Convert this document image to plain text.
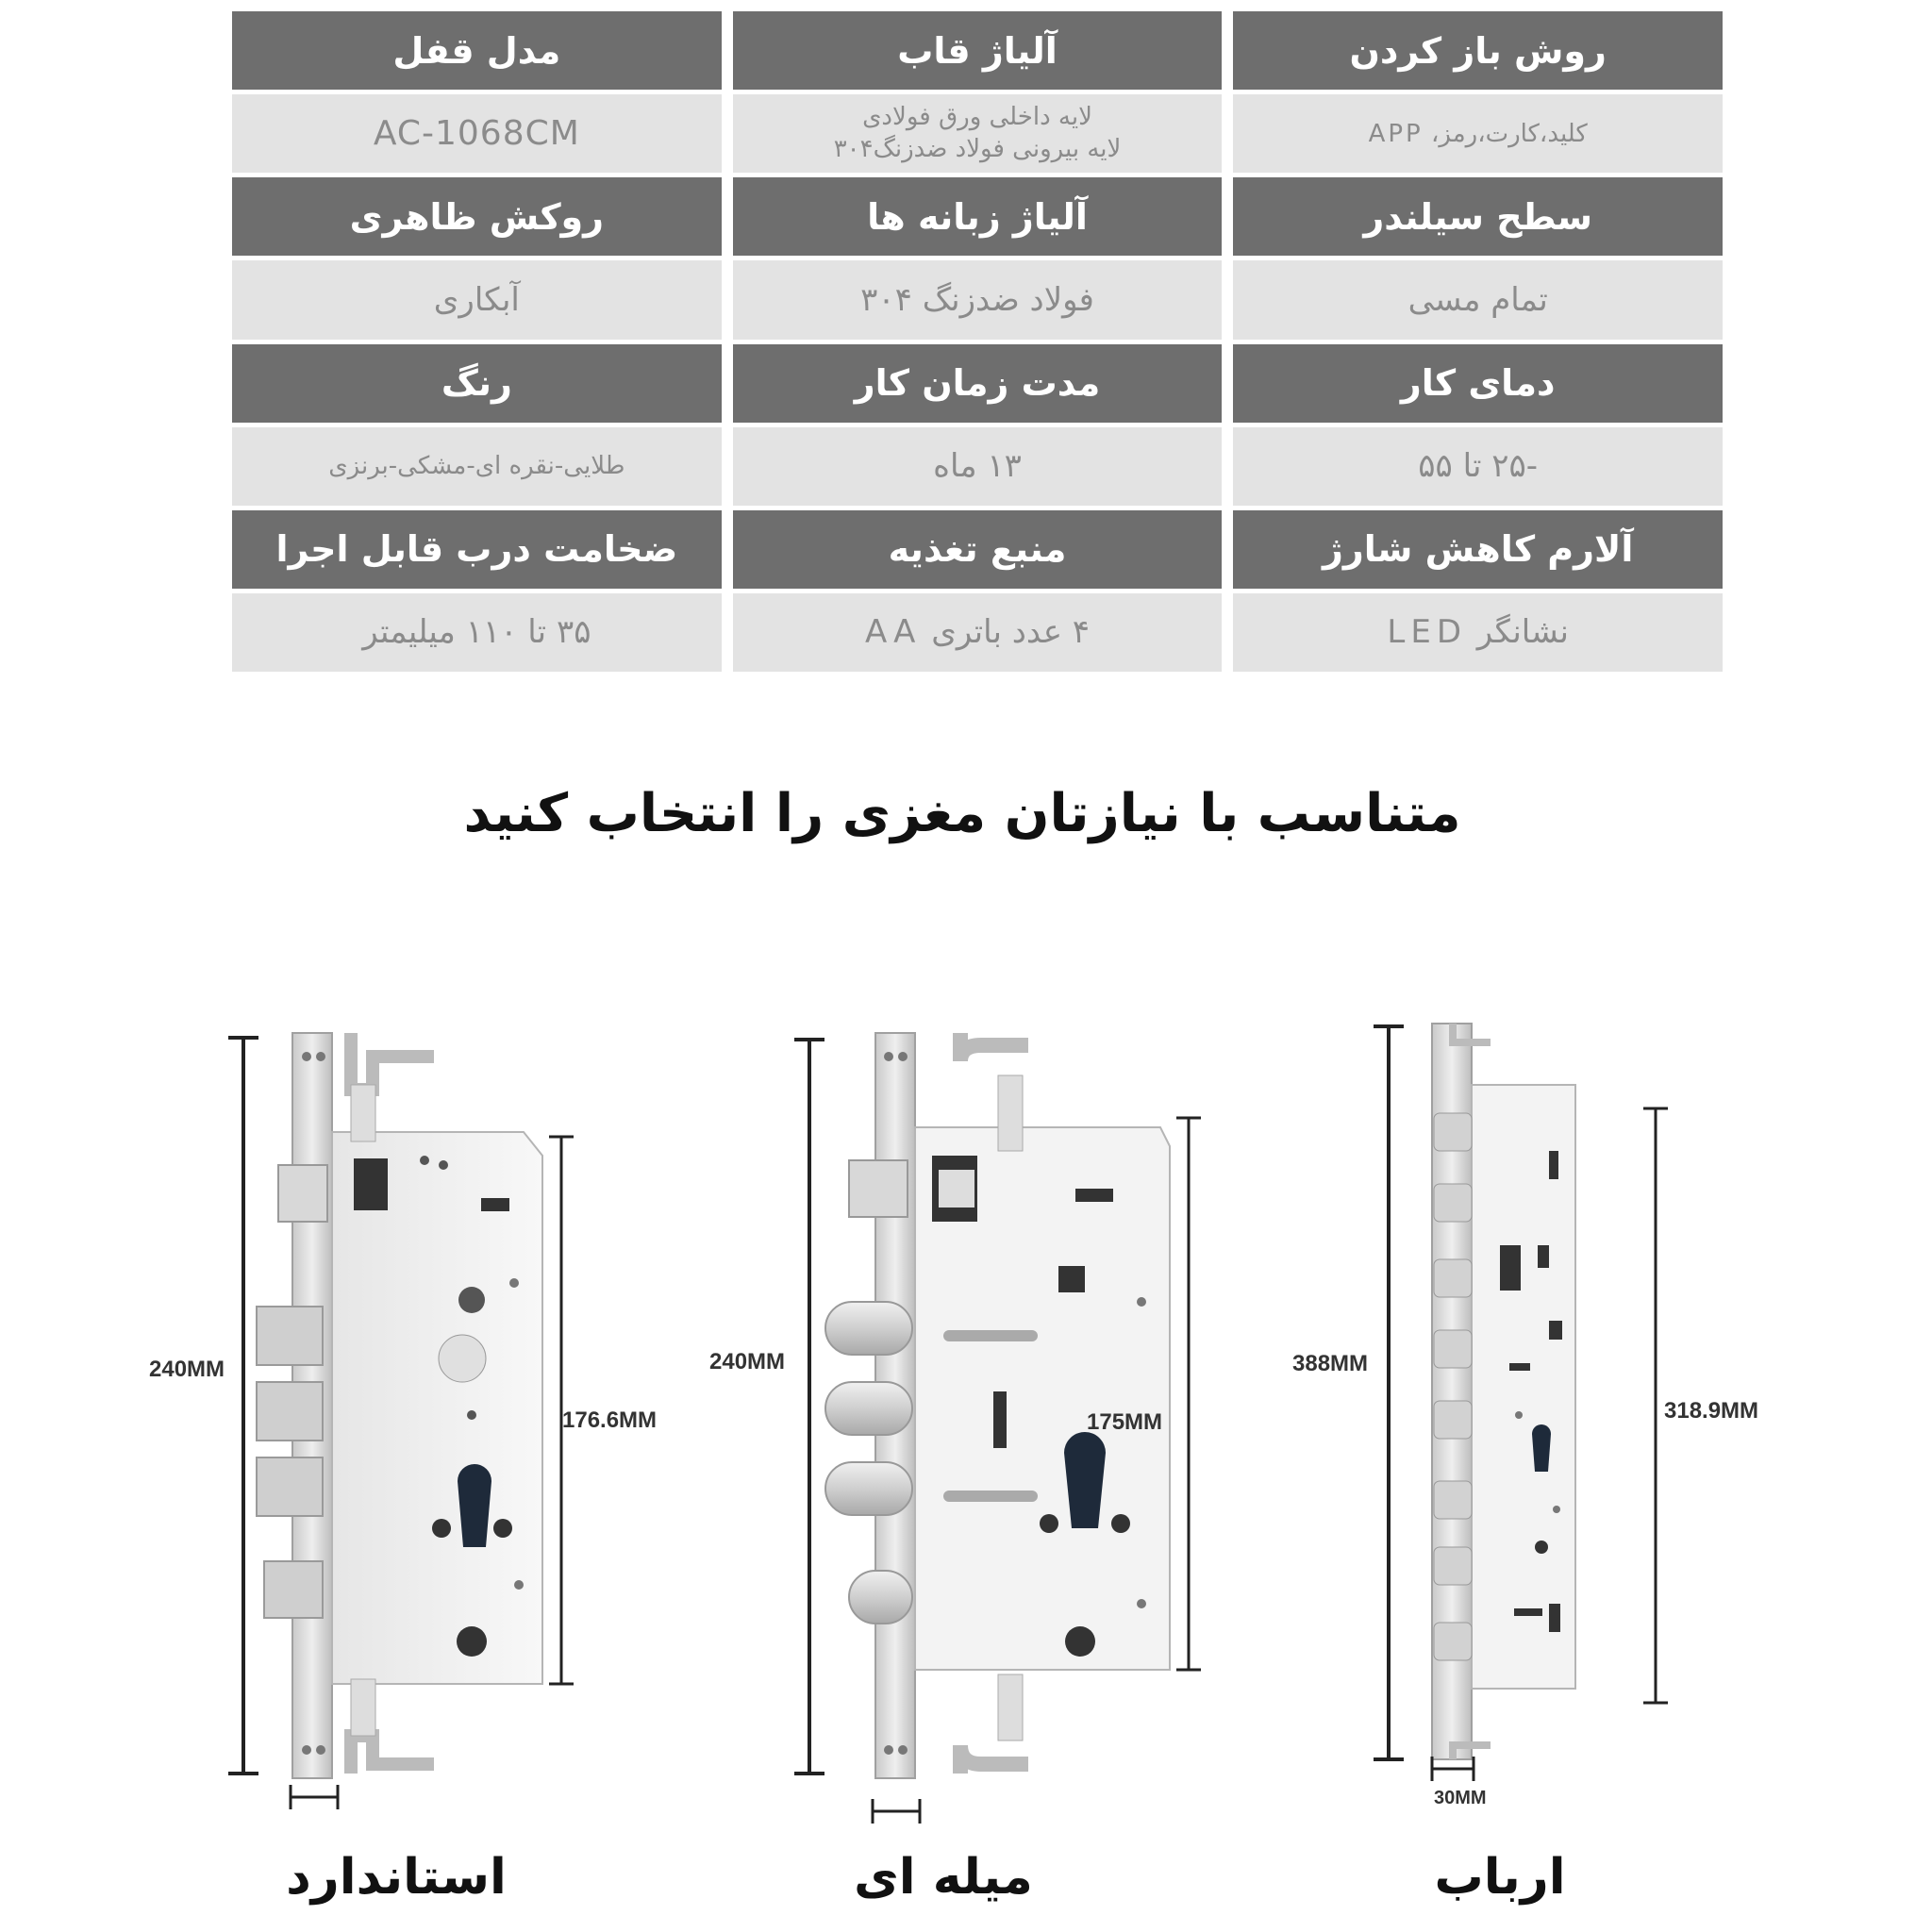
روش باز کردن
آلیاژ قاب
مدل قفل
کلید،کارت،رمز، APP
لایه داخلی ورق فولادی
لایه بیرونی فولاد ضدزنگ۳۰۴
AC-1068CM
سطح سیلندر
آلیاژ زبانه ها
روکش ظاهری
تمام مسی
فولاد ضدزنگ ۳۰۴
آبکاری
دمای کار
مدت زمان کار
رنگ
-۲۵ تا ۵۵
۱۳ ماه
طلایی-نقره ای-مشکی-برنزی
آلارم کاهش شارژ
منبع تغذیه
ضخامت درب قابل اجرا
نشانگر LED
۴ عدد باتری AA
۳۵ تا ۱۱۰ میلیمتر
متناسب با نیازتان مغزی را انتخاب کنید
240MM
176.6MM
استاندارد
240MM
175MM
میله ای
388MM
318.9MM
30MM
ارباب
